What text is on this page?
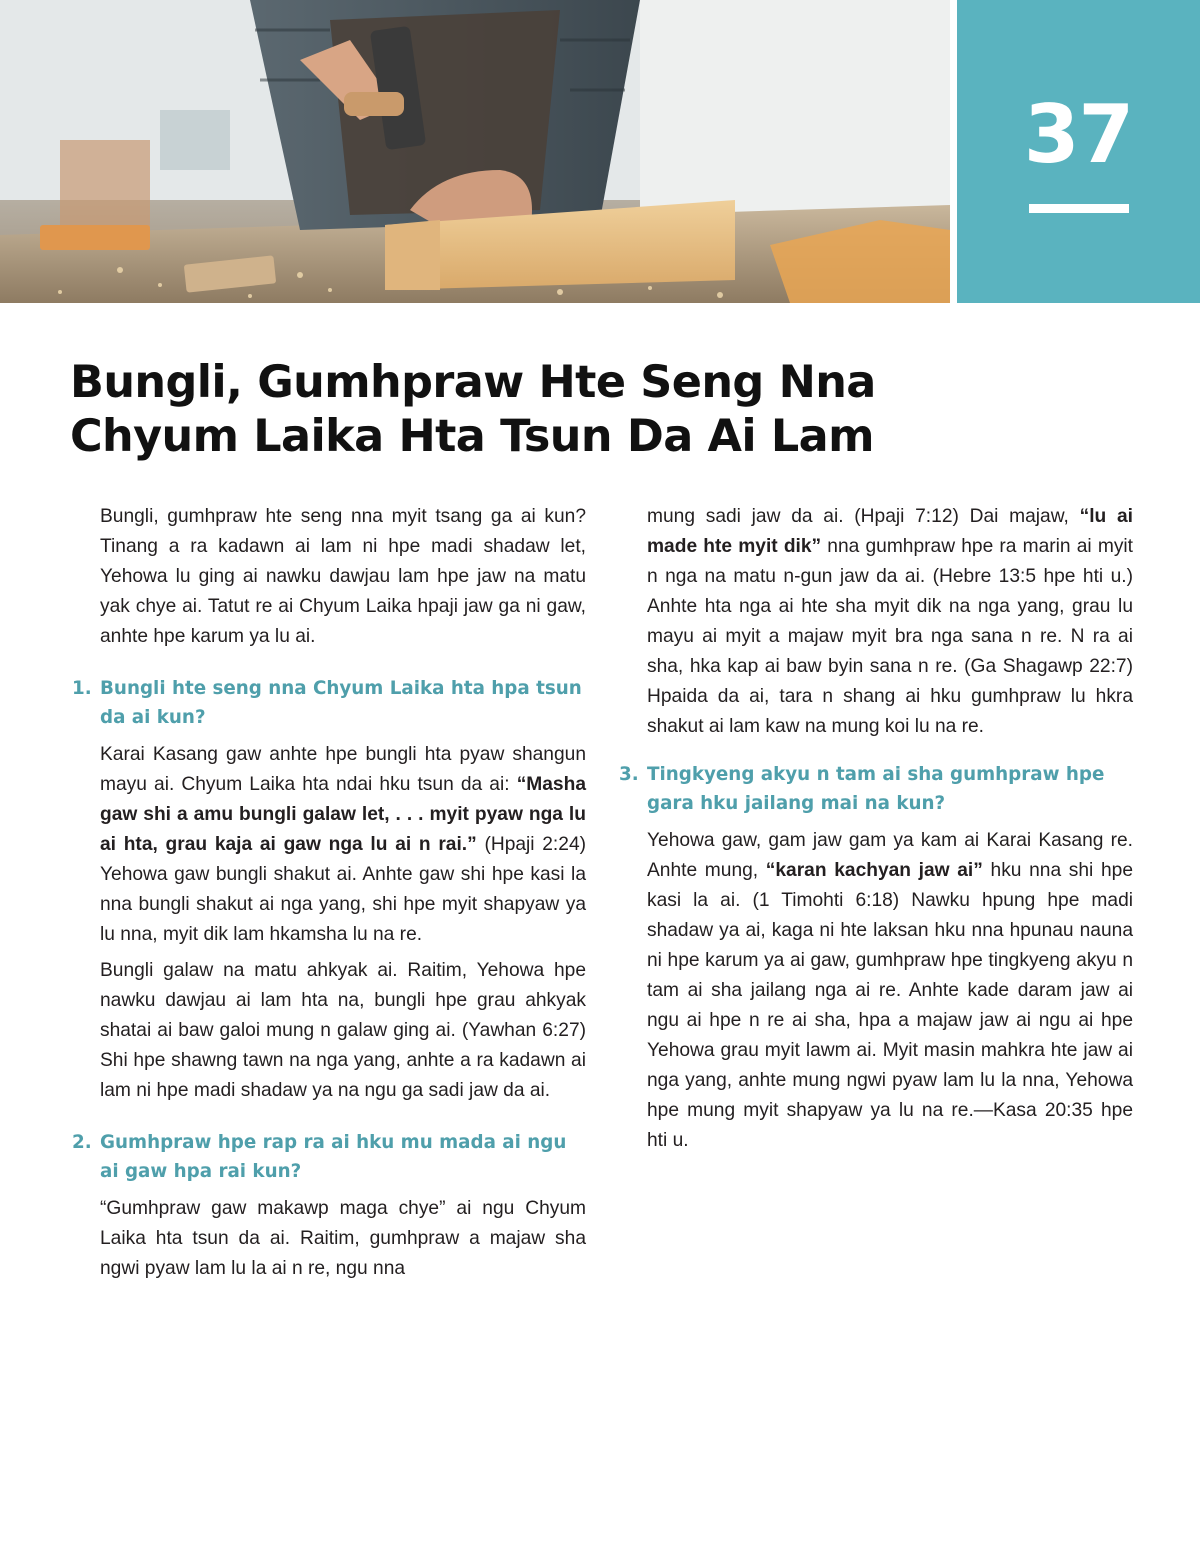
37
Bungli, Gumhpraw Hte Seng Nna
Chyum Laika Hta Tsun Da Ai Lam

Bungli, gumhpraw hte seng nna myit tsang ga ai kun? Tinang a ra kadawn ai lam ni hpe madi shadaw let, Yehowa lu ging ai nawku dawjau lam hpe jaw na matu yak chye ai. Tatut re ai Chyum Laika hpaji jaw ga ni gaw, anhte hpe karum ya lu ai.

1. Bungli hte seng nna Chyum Laika hta hpa tsun da ai kun?

Karai Kasang gaw anhte hpe bungli hta pyaw shangun mayu ai. Chyum Laika hta ndai hku tsun da ai: “Masha gaw shi a amu bungli galaw let, . . . myit pyaw nga lu ai hta, grau kaja ai gaw nga lu ai n rai.” (Hpaji 2:24) Yehowa gaw bungli shakut ai. Anhte gaw shi hpe kasi la nna bungli shakut ai nga yang, shi hpe myit shapyaw ya lu nna, myit dik lam hkamsha lu na re.

Bungli galaw na matu ahkyak ai. Raitim, Yehowa hpe nawku dawjau ai lam hta na, bungli hpe grau ahkyak shatai ai baw galoi mung n galaw ging ai. (Yawhan 6:27) Shi hpe shawng tawn na nga yang, anhte a ra kadawn ai lam ni hpe madi shadaw ya na ngu ga sadi jaw da ai.

2. Gumhpraw hpe rap ra ai hku mu mada ai ngu ai gaw hpa rai kun?

“Gumhpraw gaw makawp maga chye” ai ngu Chyum Laika hta tsun da ai. Raitim, gumhpraw a majaw sha ngwi pyaw lam lu la ai n re, ngu nna

mung sadi jaw da ai. (Hpaji 7:12) Dai majaw, “lu ai made hte myit dik” nna gumhpraw hpe ra marin ai myit n nga na matu n-gun jaw da ai. (Hebre 13:5 hpe hti u.) Anhte hta nga ai hte sha myit dik na nga yang, grau lu mayu ai myit a majaw myit bra nga sana n re. N ra ai sha, hka kap ai baw byin sana n re. (Ga Shagawp 22:7) Hpaida da ai, tara n shang ai hku gumhpraw lu hkra shakut ai lam kaw na mung koi lu na re.

3. Tingkyeng akyu n tam ai sha gumhpraw hpe gara hku jailang mai na kun?

Yehowa gaw, gam jaw gam ya kam ai Karai Kasang re. Anhte mung, “karan kachyan jaw ai” hku nna shi hpe kasi la ai. (1 Timohti 6:18) Nawku hpung hpe madi shadaw ya ai, kaga ni hte laksan hku nna hpunau nauna ni hpe karum ya ai gaw, gumhpraw hpe tingkyeng akyu n tam ai sha jailang nga ai re. Anhte kade daram jaw ai ngu ai hpe n re ai sha, hpa a majaw jaw ai ngu ai hpe Yehowa grau myit lawm ai. Myit masin mahkra hte jaw ai nga yang, anhte mung ngwi pyaw lam lu la nna, Yehowa hpe mung myit shapyaw ya lu na re.—Kasa 20:35 hpe hti u.
